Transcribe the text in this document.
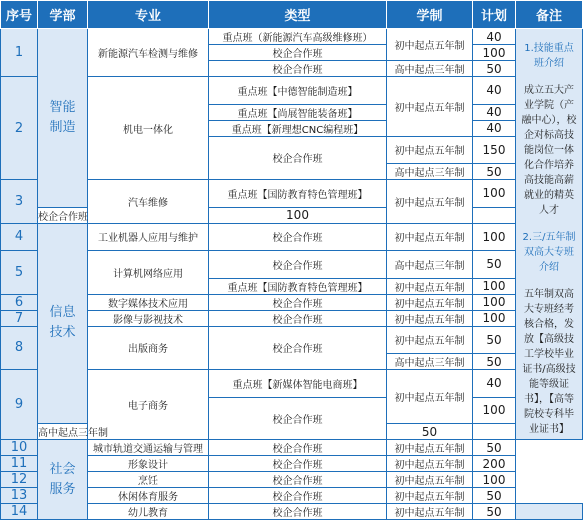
序号	学部	专业	类型	学制	计划	备注
1	智能
制造	新能源汽车检测与维修	重点班（新能源汽车高级维修班）	初中起点五年制	40	1.技能重点班介绍
成立五大产业学院（产融中心），校企对标高技能岗位一体化合作培养高技能高薪就业的精英人才
2.三/五年制双高大专班介绍
五年制双高大专班经考核合格，发放【高级技工学校毕业证书/高级技能等级证书】，【高等院校专科毕业证书】
			校企合作班		100	
			校企合作班	高中起点三年制	50	
2		机电一体化	重点班【中德智能制造班】	初中起点五年制	40	
			重点班【尚展智能装备班】		40	
			重点班【新理想CNC编程班】		40	
			校企合作班	初中起点五年制	150	
				高中起点三年制	50	
3		汽车维修	重点班【国防教育特色管理班】	初中起点五年制	100	
	校企合作班		100			
4	信息
技术	工业机器人应用与维护	校企合作班	初中起点五年制	100	
5		计算机网络应用	校企合作班	高中起点三年制	50	
			重点班【国防教育特色管理班】	初中起点五年制	100	
6		数字媒体技术应用	校企合作班	初中起点五年制	100	
7		影像与影视技术	校企合作班	初中起点五年制	100	
8		出版商务	校企合作班	初中起点五年制	50	
				高中起点三年制	50	
9		电子商务	重点班【新媒体智能电商班】	初中起点五年制	40	
			校企合作班		100	
	高中起点三年制			50		
10	社会
服务	城市轨道交通运输与管理	校企合作班	初中起点五年制	50	
11		形象设计	校企合作班	初中起点五年制	200	
12		烹饪	校企合作班	初中起点五年制	100	
13		休闲体育服务	校企合作班	初中起点五年制	50	
14		幼儿教育	校企合作班	初中起点五年制	50	
